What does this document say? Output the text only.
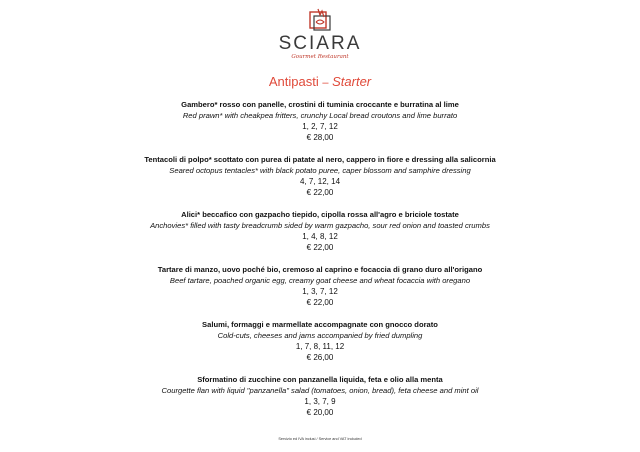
SCIARA
Gourmet Restaurant
Antipasti – Starter
Gambero* rosso con panelle, crostini di tuminia croccante e burratina al lime
Red prawn* with cheakpea fritters, crunchy Local bread croutons and lime burrato
1, 2, 7, 12
€ 28,00
Tentacoli di polpo* scottato con purea di patate al nero, cappero in fiore e dressing alla salicornia
Seared octopus tentacles* with black potato puree, caper blossom and samphire dressing
4, 7, 12, 14
€ 22,00
Alici* beccafico con gazpacho tiepido, cipolla rossa all'agro e briciole tostate
Anchovies* filled with tasty breadcrumb sided by warm gazpacho, sour red onion and toasted crumbs
1, 4, 8, 12
€ 22,00
Tartare di manzo, uovo poché bio, cremoso al caprino e focaccia di grano duro all'origano
Beef tartare, poached organic egg, creamy goat cheese and wheat focaccia with oregano
1, 3, 7, 12
€ 22,00
Salumi, formaggi e marmellate accompagnate con gnocco dorato
Cold-cuts, cheeses and jams accompanied by fried dumpling
1, 7, 8, 11, 12
€ 26,00
Sformatino di zucchine con panzanella liquida, feta e olio alla menta
Courgette flan with liquid "panzanella" salad (tomatoes, onion, bread), feta cheese and mint oil
1, 3, 7, 9
€ 20,00
Servizio ed IVA inclusi / Service and VAT included
